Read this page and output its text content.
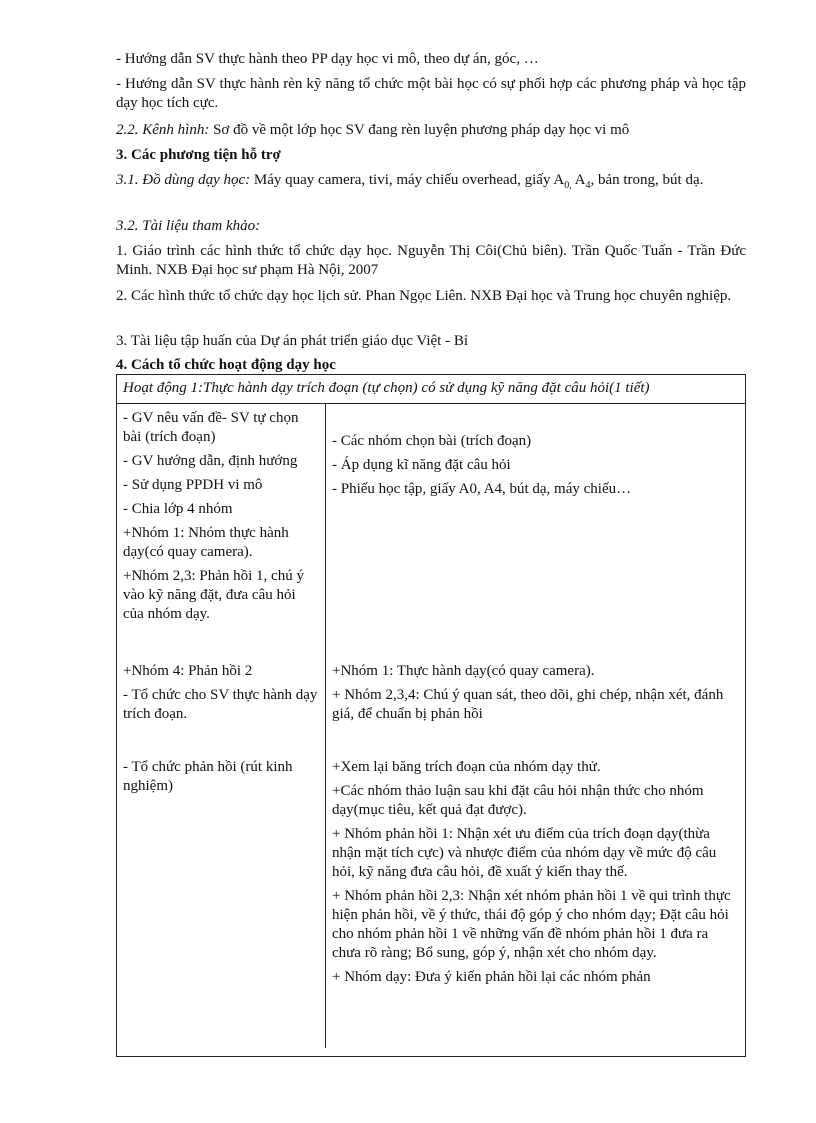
- Hướng dẫn SV thực hành theo PP dạy học vi mô, theo dự án, góc, …

- Hướng dẫn SV thực hành rèn kỹ năng tổ chức một bài học có sự phối hợp các phương pháp và học tập dạy học tích cực.

2.2. Kênh hình: Sơ đồ về một lớp học SV đang rèn luyện phương pháp dạy học vi mô

3. Các phương tiện hỗ trợ

3.1. Đồ dùng dạy học: Máy quay camera, tivi, máy chiếu overhead, giấy $A_{0,}$ $A_4$, bản trong, bút dạ.

3.2. Tài liệu tham khảo:

1. Giáo trình các hình thức tổ chức dạy học. Nguyễn Thị Côi(Chủ biên). Trần Quốc Tuấn - Trần Đức Minh. NXB Đại học sư phạm Hà Nội, 2007

2. Các hình thức tổ chức dạy học lịch sử. Phan Ngọc Liên. NXB Đại học và Trung học chuyên nghiệp.

3. Tài liệu tập huấn của Dự án phát triển giáo dục Việt - Bỉ

4. Cách tổ chức hoạt động dạy học

Hoạt động 1:Thực hành dạy trích đoạn (tự chọn) có sử dụng kỹ năng đặt câu hỏi(1 tiết)

- GV nêu vấn đề- SV tự chọn bài (trích đoạn)

- GV hướng dẫn, định hướng

- Sử dụng PPDH vi mô

- Chia lớp 4 nhóm

+Nhóm 1: Nhóm thực hành dạy(có quay camera).

+Nhóm 2,3: Phản hồi 1, chú ý vào kỹ năng đặt, đưa câu hỏi của nhóm dạy.

- Các nhóm chọn bài (trích đoạn)

- Áp dụng kĩ năng đặt câu hỏi

- Phiếu học tập, giấy A0, A4, bút dạ, máy chiếu…

+Nhóm 4: Phản hồi 2

- Tổ chức cho SV thực hành dạy trích đoạn.

+Nhóm 1: Thực hành dạy(có quay camera).

+ Nhóm 2,3,4: Chú ý quan sát, theo dõi, ghi chép, nhận xét, đánh giá, để chuẩn bị phản hồi

- Tổ chức phản hồi (rút kinh nghiệm)

+Xem lại băng trích đoạn của nhóm dạy thử.

+Các nhóm thảo luận sau khi đặt câu hỏi nhận thức cho nhóm dạy(mục tiêu, kết quả đạt được).

+ Nhóm phản hồi 1: Nhận xét ưu điểm của trích đoạn dạy(thừa nhận mặt tích cực) và nhược điểm của nhóm dạy về mức độ câu hỏi, kỹ năng đưa câu hỏi, đề xuất ý kiến thay thế.

+ Nhóm phản hồi 2,3: Nhận xét nhóm phản hồi 1 về qui trình thực hiện phản hồi, về ý thức, thái độ góp ý cho nhóm dạy; Đặt câu hỏi cho nhóm phản hồi 1 về những vấn đề nhóm phản hồi 1 đưa ra chưa rõ ràng; Bổ sung, góp ý, nhận xét cho nhóm dạy.

+ Nhóm dạy: Đưa ý kiến phản hồi lại các nhóm phản
